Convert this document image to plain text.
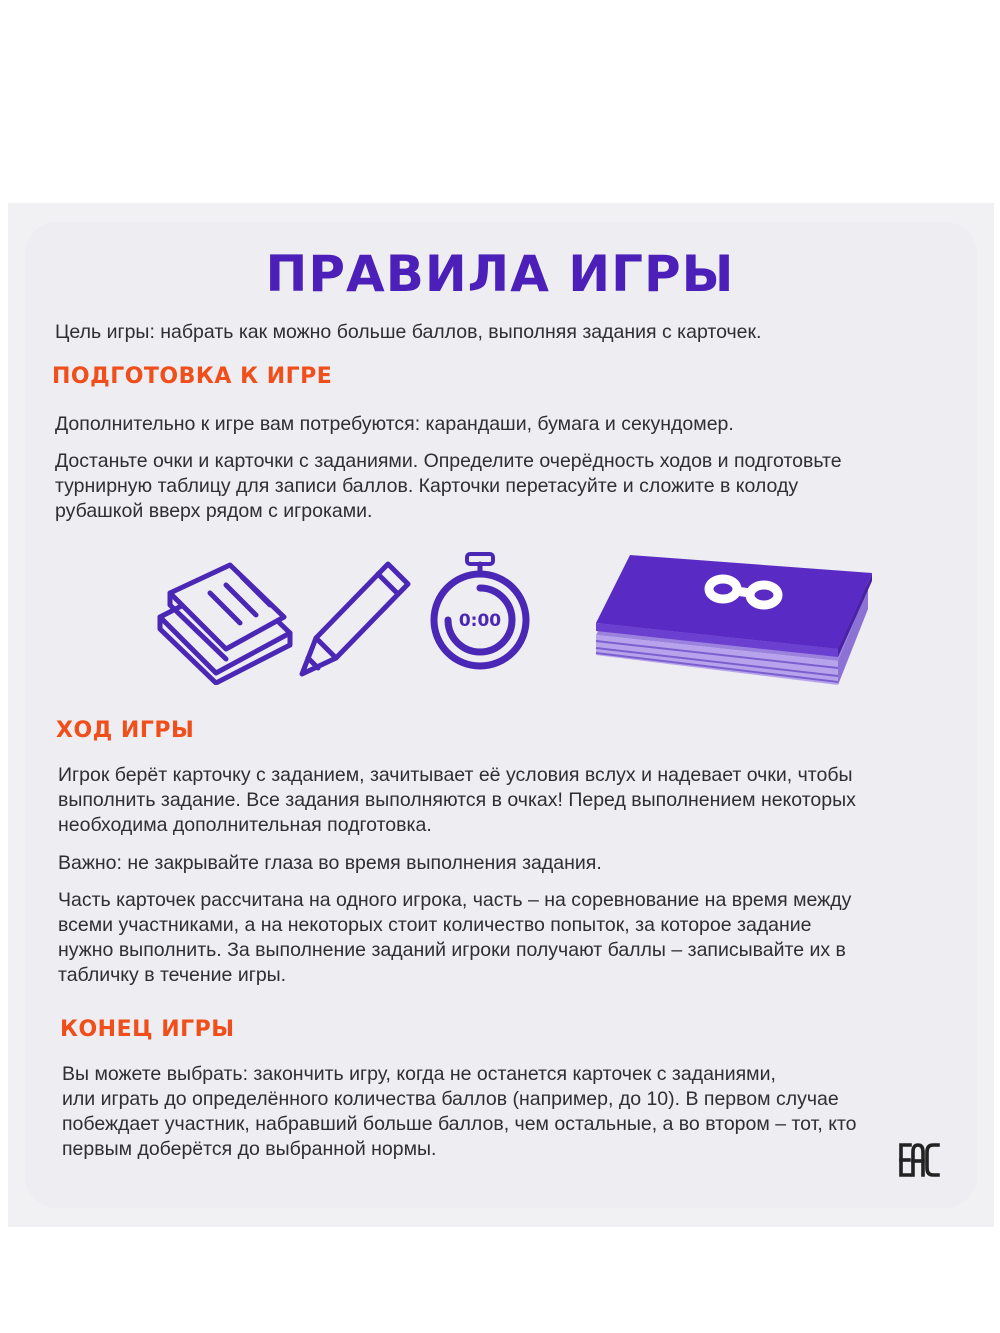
ПРАВИЛА ИГРЫ

Цель игры: набрать как можно больше баллов, выполняя задания с карточек.

ПОДГОТОВКА К ИГРЕ

Дополнительно к игре вам потребуются: карандаши, бумага и секундомер.

Достаньте очки и карточки с заданиями. Определите очерёдность ходов и подготовьте
турнирную таблицу для записи баллов. Карточки перетасуйте и сложите в колоду
рубашкой вверх рядом с игроками.
0:00
ХОД ИГРЫ
Игрок берёт карточку с заданием, зачитывает её условия вслух и надевает очки, чтобы
выполнить задание. Все задания выполняются в очках! Перед выполнением некоторых
необходима дополнительная подготовка.

Важно: не закрывайте глаза во время выполнения задания.

Часть карточек рассчитана на одного игрока, часть – на соревнование на время между
всеми участниками, а на некоторых стоит количество попыток, за которое задание
нужно выполнить. За выполнение заданий игроки получают баллы – записывайте их в
табличку в течение игры.
КОНЕЦ ИГРЫ
Вы можете выбрать: закончить игру, когда не останется карточек с заданиями,
или играть до определённого количества баллов (например, до 10). В первом случае
побеждает участник, набравший больше баллов, чем остальные, а во втором – тот, кто
первым доберётся до выбранной нормы.
